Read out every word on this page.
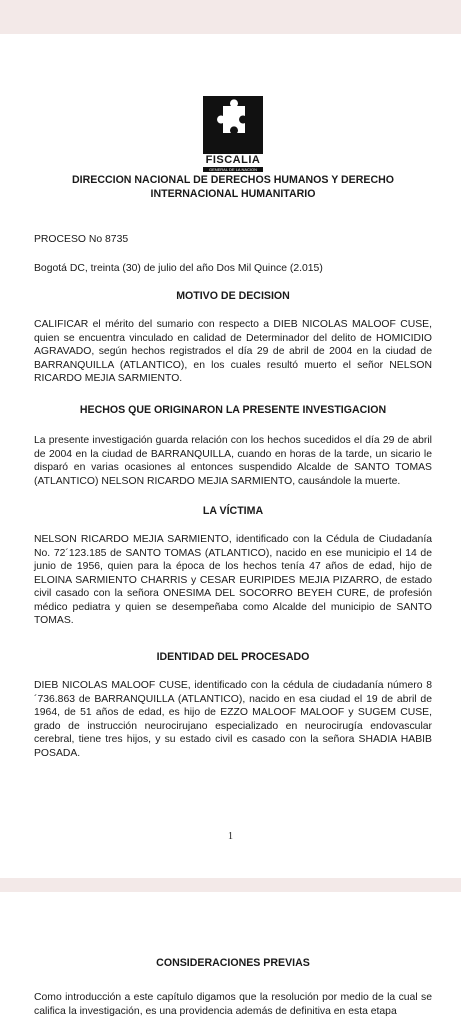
FISCALIA
GENERAL DE LA NACION
DIRECCION NACIONAL DE DERECHOS HUMANOS Y DERECHO
INTERNACIONAL HUMANITARIO
PROCESO No 8735
Bogotá DC, treinta (30) de julio del año Dos Mil Quince (2.015)
MOTIVO DE DECISION
CALIFICAR el mérito del sumario con respecto a DIEB NICOLAS MALOOF CUSE, quien se encuentra vinculado en calidad de Determinador del delito de HOMICIDIO AGRAVADO, según hechos registrados el día 29 de abril de 2004 en la ciudad de BARRANQUILLA (ATLANTICO), en los cuales resultó muerto el señor NELSON RICARDO MEJIA SARMIENTO.
HECHOS QUE ORIGINARON LA PRESENTE INVESTIGACION
La presente investigación guarda relación con los hechos sucedidos el día 29 de abril de 2004 en la ciudad de BARRANQUILLA, cuando en horas de la tarde, un sicario le disparó en varias ocasiones al entonces suspendido Alcalde de SANTO TOMAS (ATLANTICO) NELSON RICARDO MEJIA SARMIENTO, causándole la muerte.
LA VÍCTIMA
NELSON RICARDO MEJIA SARMIENTO, identificado con la Cédula de Ciudadanía No. 72´123.185 de SANTO TOMAS (ATLANTICO), nacido en ese municipio el 14 de junio de 1956, quien para la época de los hechos tenía 47 años de edad, hijo de ELOINA SARMIENTO CHARRIS y CESAR EURIPIDES MEJIA PIZARRO, de estado civil casado con la señora ONESIMA DEL SOCORRO BEYEH CURE, de profesión médico pediatra y quien se desempeñaba como Alcalde del municipio de SANTO TOMAS.
IDENTIDAD DEL PROCESADO
DIEB NICOLAS MALOOF CUSE, identificado con la cédula de ciudadanía número 8´736.863 de BARRANQUILLA (ATLANTICO), nacido en esa ciudad el 19 de abril de 1964, de 51 años de edad, es hijo de EZZO MALOOF MALOOF y SUGEM CUSE, grado de instrucción neurocirujano especializado en neurocirugía endovascular cerebral, tiene tres hijos, y su estado civil es casado con la señora SHADIA HABIB POSADA.
1
CONSIDERACIONES PREVIAS
Como introducción a este capítulo digamos que la resolución por medio de la cual se califica la investigación, es una providencia además de definitiva en esta etapa
